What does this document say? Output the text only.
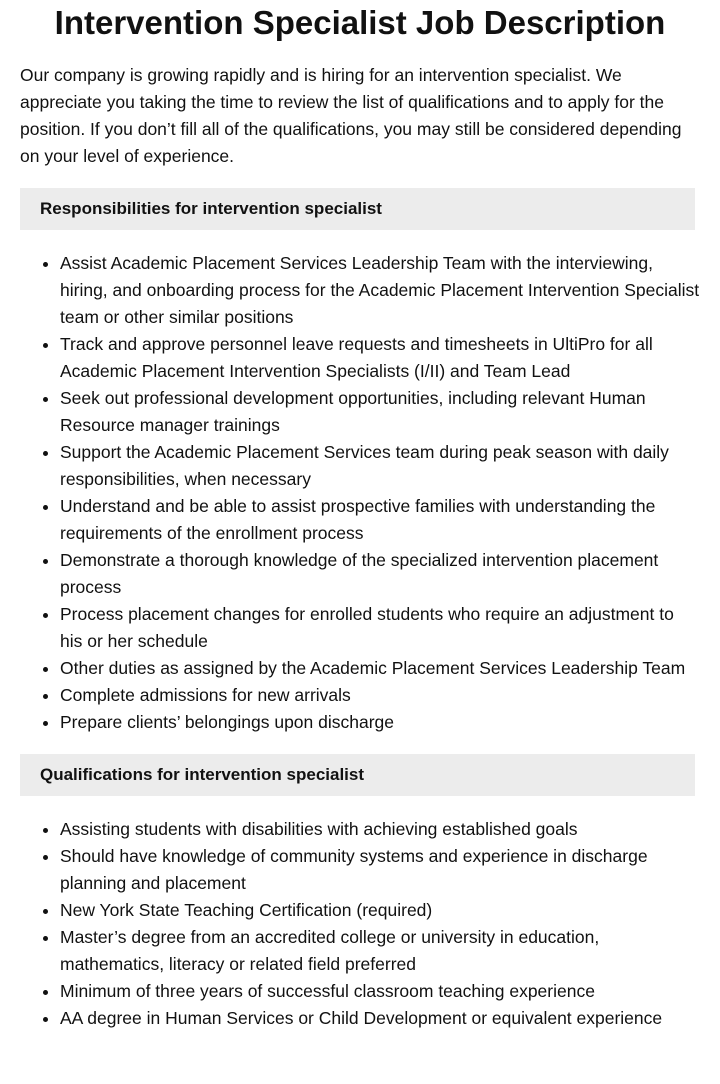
Intervention Specialist Job Description

Our company is growing rapidly and is hiring for an intervention specialist. We appreciate you taking the time to review the list of qualifications and to apply for the position. If you don’t fill all of the qualifications, you may still be considered depending on your level of experience.

Responsibilities for intervention specialist
• Assist Academic Placement Services Leadership Team with the interviewing, hiring, and onboarding process for the Academic Placement Intervention Specialist team or other similar positions
• Track and approve personnel leave requests and timesheets in UltiPro for all Academic Placement Intervention Specialists (I/II) and Team Lead
• Seek out professional development opportunities, including relevant Human Resource manager trainings
• Support the Academic Placement Services team during peak season with daily responsibilities, when necessary
• Understand and be able to assist prospective families with understanding the requirements of the enrollment process
• Demonstrate a thorough knowledge of the specialized intervention placement process
• Process placement changes for enrolled students who require an adjustment to his or her schedule
• Other duties as assigned by the Academic Placement Services Leadership Team
• Complete admissions for new arrivals
• Prepare clients’ belongings upon discharge
Qualifications for intervention specialist
• Assisting students with disabilities with achieving established goals
• Should have knowledge of community systems and experience in discharge planning and placement
• New York State Teaching Certification (required)
• Master’s degree from an accredited college or university in education, mathematics, literacy or related field preferred
• Minimum of three years of successful classroom teaching experience
• AA degree in Human Services or Child Development or equivalent experience
